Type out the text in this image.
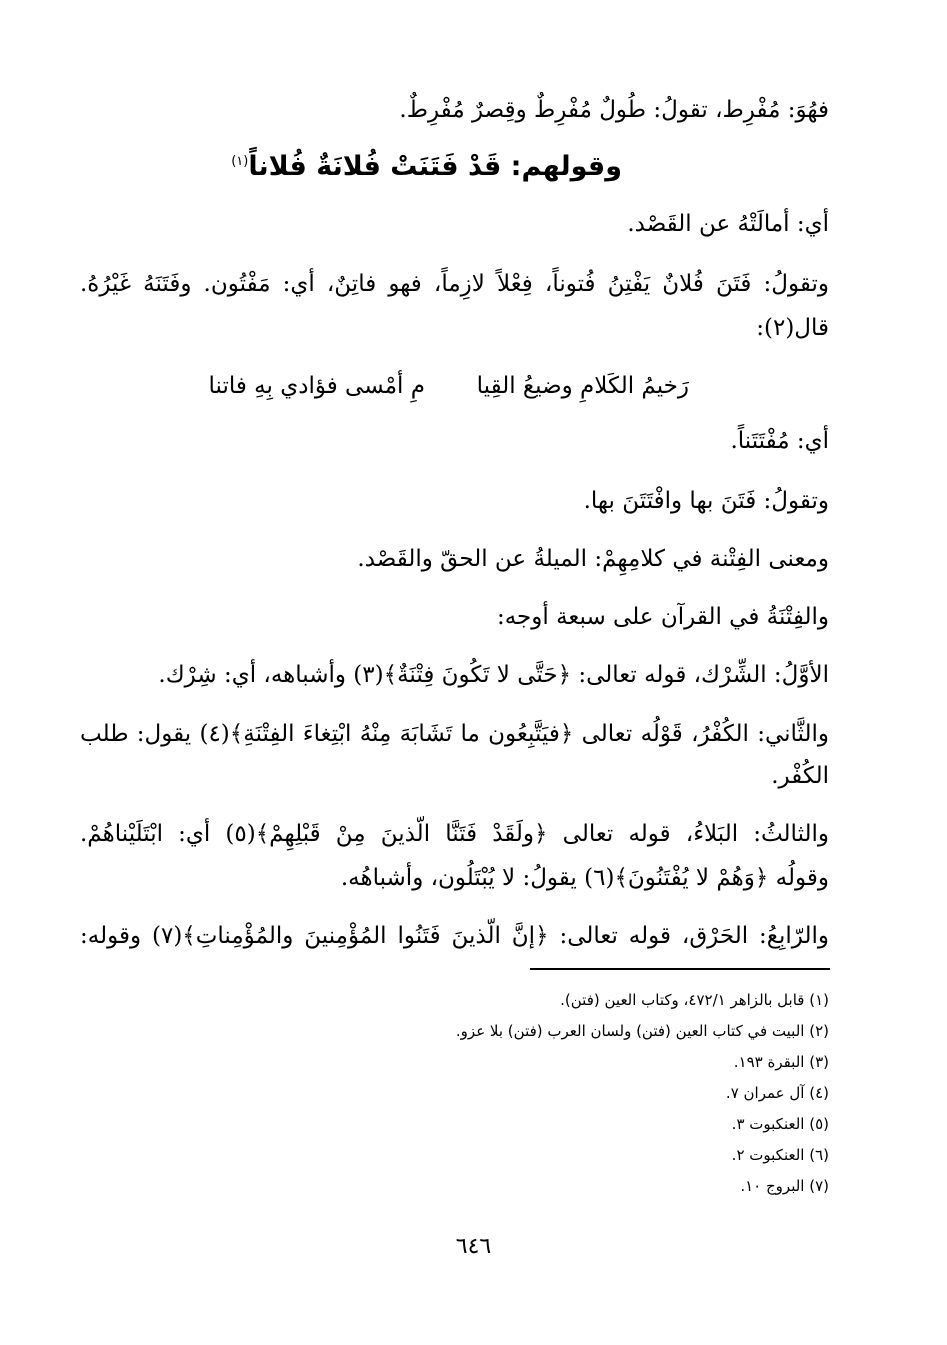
فهُوَ: مُفْرِط، تقولُ: طُولٌ مُفْرِطٌ وقِصرٌ مُفْرِطٌ.
وقولهم: قَدْ فَتَنَتْ فُلانَةٌ فُلاناً$^{(١)}$
أي: أمالَتْهُ عن القَصْد.
وتقولُ: فَتَنَ فُلانٌ يَفْتِنُ فُتوناً، فِعْلاً لازِماً، فهو فاتِنٌ، أي: مَفْتُون. وفَتَنَهُ غَيْرُهُ.
قال(٢):
رَخيمُ الكَلامِ وضيعُ القِيا
مِ أمْسى فؤادي بِهِ فاتنا
أي: مُفْتَتَناً.
وتقولُ: فَتَنَ بها وافْتَتَنَ بها.
ومعنى الفِتْنة في كلامِهِمْ: الميلةُ عن الحقّ والقَصْد.
والفِتْنَةُ في القرآن على سبعة أوجه:
الأوَّلُ: الشِّرْك، قوله تعالى: ﴿حَتَّى لا تَكُونَ فِتْنَةٌ﴾(٣) وأشباهه، أي: شِرْك.
والثَّاني: الكُفْرُ، قَوْلُه تعالى ﴿فيَتَّبِعُون ما تَشَابَهَ مِنْهُ ابْتِغاءَ الفِتْنَةِ﴾(٤) يقول: طلب
الكُفْر.
والثالثُ: البَلاءُ، قوله تعالى ﴿ولَقَدْ فَتَنَّا الّذينَ مِنْ قَبْلِهِمْ﴾(٥) أي: ابْتَلَيْناهُمْ.
وقولُه ﴿وَهُمْ لا يُفْتَنُونَ﴾(٦) يقولُ: لا يُبْتَلُون، وأشباهُه.
والرّابِعُ: الحَرْق، قوله تعالى: ﴿إنَّ الّذينَ فَتَنُوا المُؤْمِنينَ والمُؤْمِناتِ﴾(٧) وقوله:
(١) قابل بالزاهر ٤٧٢/١، وكتاب العين (فتن).
(٢) البيت في كتاب العين (فتن) ولسان العرب (فتن) بلا عزو.
(٣) البقرة ١٩٣.
(٤) آل عمران ٧.
(٥) العنكبوت ٣.
(٦) العنكبوت ٢.
(٧) البروج ١٠.
٦٤٦
